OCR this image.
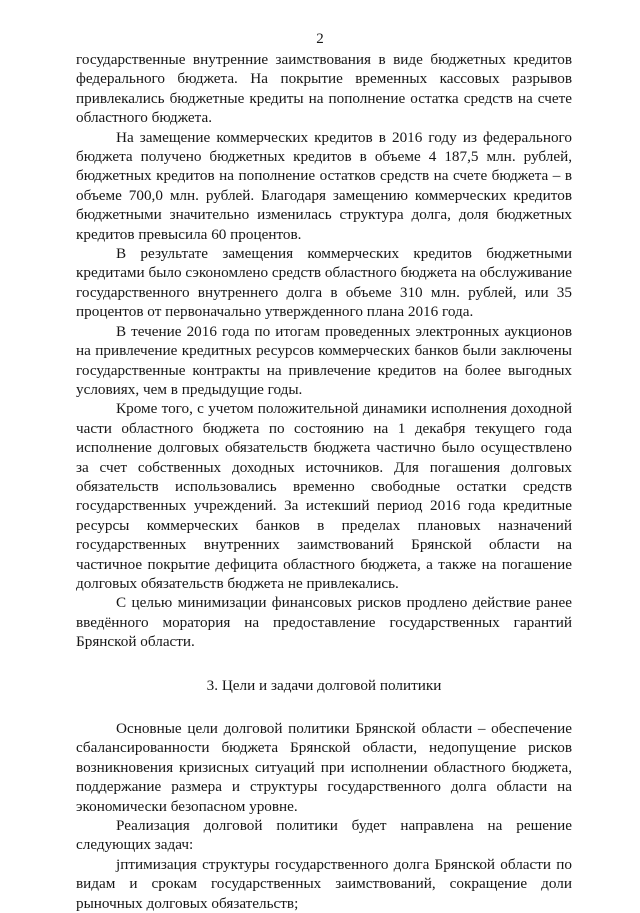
2

государственные внутренние заимствования в виде бюджетных кредитов федерального бюджета. На покрытие временных кассовых разрывов привлекались бюджетные кредиты на пополнение остатка средств на счете областного бюджета.

На замещение коммерческих кредитов в 2016 году из федерального бюджета получено бюджетных кредитов в объеме 4 187,5 млн. рублей, бюджетных кредитов на пополнение остатков средств на счете бюджета – в объеме 700,0 млн. рублей. Благодаря замещению коммерческих кредитов бюджетными значительно изменилась структура долга, доля бюджетных кредитов превысила 60 процентов.

В результате замещения коммерческих кредитов бюджетными кредитами было сэкономлено средств областного бюджета на обслуживание государственного внутреннего долга в объеме 310 млн. рублей, или 35 процентов от первоначально утвержденного плана 2016 года.

В течение 2016 года по итогам проведенных электронных аукционов на привлечение кредитных ресурсов коммерческих банков были заключены государственные контракты на привлечение кредитов на более выгодных условиях, чем в предыдущие годы.

Кроме того, с учетом положительной динамики исполнения доходной части областного бюджета по состоянию на 1 декабря текущего года исполнение долговых обязательств бюджета частично было осуществлено за счет собственных доходных источников. Для погашения долговых обязательств использовались временно свободные остатки средств государственных учреждений. За истекший период 2016 года кредитные ресурсы коммерческих банков в пределах плановых назначений государственных внутренних заимствований Брянской области на частичное покрытие дефицита областного бюджета, а также на погашение долговых обязательств бюджета не привлекались.

С целью минимизации финансовых рисков продлено действие ранее введённого моратория на предоставление государственных гарантий Брянской области.

3. Цели и задачи долговой политики

Основные цели долговой политики Брянской области – обеспечение сбалансированности бюджета Брянской области, недопущение рисков возникновения кризисных ситуаций при исполнении областного бюджета, поддержание размера и структуры государственного долга области на экономически безопасном уровне.

Реализация долговой политики будет направлена на решение следующих задач:

jптимизация структуры государственного долга Брянской области по видам и срокам государственных заимствований, сокращение доли рыночных долговых обязательств;
